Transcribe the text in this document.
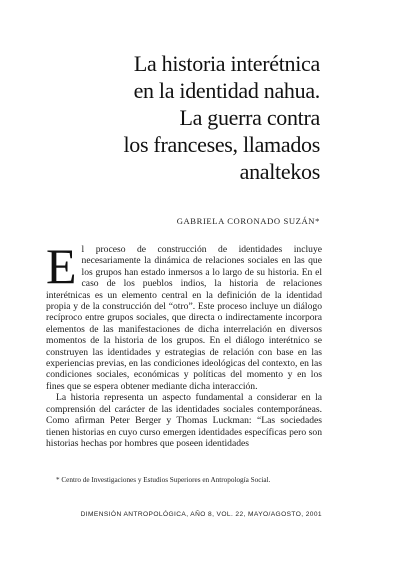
La historia interétnica
en la identidad nahua.
La guerra contra
los franceses, llamados
analtekos
GABRIELA CORONADO SUZÁN*

El proceso de construcción de identidades incluye necesariamente la dinámica de relaciones sociales en las que los grupos han estado inmersos a lo largo de su historia. En el caso de los pueblos indios, la historia de relaciones interétnicas es un elemento central en la definición de la identidad propia y de la construcción del “otro”. Este proceso incluye un diálogo recíproco entre grupos sociales, que directa o indirectamente incorpora elementos de las manifestaciones de dicha interrelación en diversos momentos de la historia de los grupos. En el diálogo interétnico se construyen las identidades y estrategias de relación con base en las experiencias previas, en las condiciones ideológicas del contexto, en las condiciones sociales, económicas y políticas del momento y en los fines que se espera obtener mediante dicha interacción.

La historia representa un aspecto fundamental a considerar en la comprensión del carácter de las identidades sociales contemporáneas. Como afirman Peter Berger y Thomas Luckman: “Las sociedades tienen historias en cuyo curso emergen identidades específicas pero son historias hechas por hombres que poseen identidades

* Centro de Investigaciones y Estudios Superiores en Antropología Social.
DIMENSIÓN ANTROPOLÓGICA, AÑO 8, VOL. 22, MAYO/AGOSTO, 2001
